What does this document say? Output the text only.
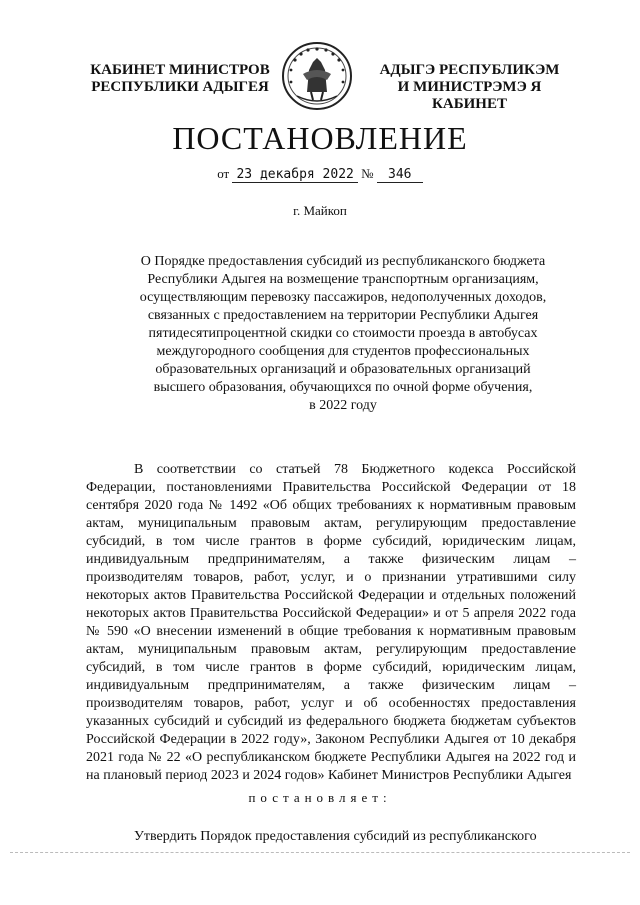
КАБИНЕТ МИНИСТРОВ
РЕСПУБЛИКИ АДЫГЕЯ
АДЫГЭ РЕСПУБЛИКЭМ
И МИНИСТРЭМЭ Я КАБИНЕТ
ПОСТАНОВЛЕНИЕ
от 23 декабря 2022 № 346
г. Майкоп
О Порядке предоставления субсидий из республиканского бюджета
Республики Адыгея на возмещение транспортным организациям,
осуществляющим перевозку пассажиров, недополученных доходов,
связанных с предоставлением на территории Республики Адыгея
пятидесятипроцентной скидки со стоимости проезда в автобусах
междугородного сообщения для студентов профессиональных
образовательных организаций и образовательных организаций
высшего образования, обучающихся по очной форме обучения,
в 2022 году
В соответствии со статьей 78 Бюджетного кодекса Российской Федерации, постановлениями Правительства Российской Федерации от 18 сентября 2020 года № 1492 «Об общих требованиях к нормативным правовым актам, муниципальным правовым актам, регулирующим предоставление субсидий, в том числе грантов в форме субсидий, юридическим лицам, индивидуальным предпринимателям, а также физическим лицам – производителям товаров, работ, услуг, и о признании утратившими силу некоторых актов Правительства Российской Федерации и отдельных положений некоторых актов Правительства Российской Федерации» и от 5 апреля 2022 года № 590 «О внесении изменений в общие требования к нормативным правовым актам, муниципальным правовым актам, регулирующим предоставление субсидий, в том числе грантов в форме субсидий, юридическим лицам, индивидуальным предпринимателям, а также физическим лицам – производителям товаров, работ, услуг и об особенностях предоставления указанных субсидий и субсидий из федерального бюджета бюджетам субъектов Российской Федерации в 2022 году», Законом Республики Адыгея от 10 декабря 2021 года № 22 «О республиканском бюджете Республики Адыгея на 2022 год и на плановый период 2023 и 2024 годов» Кабинет Министров Республики Адыгея
постановляет:
Утвердить Порядок предоставления субсидий из республиканского
